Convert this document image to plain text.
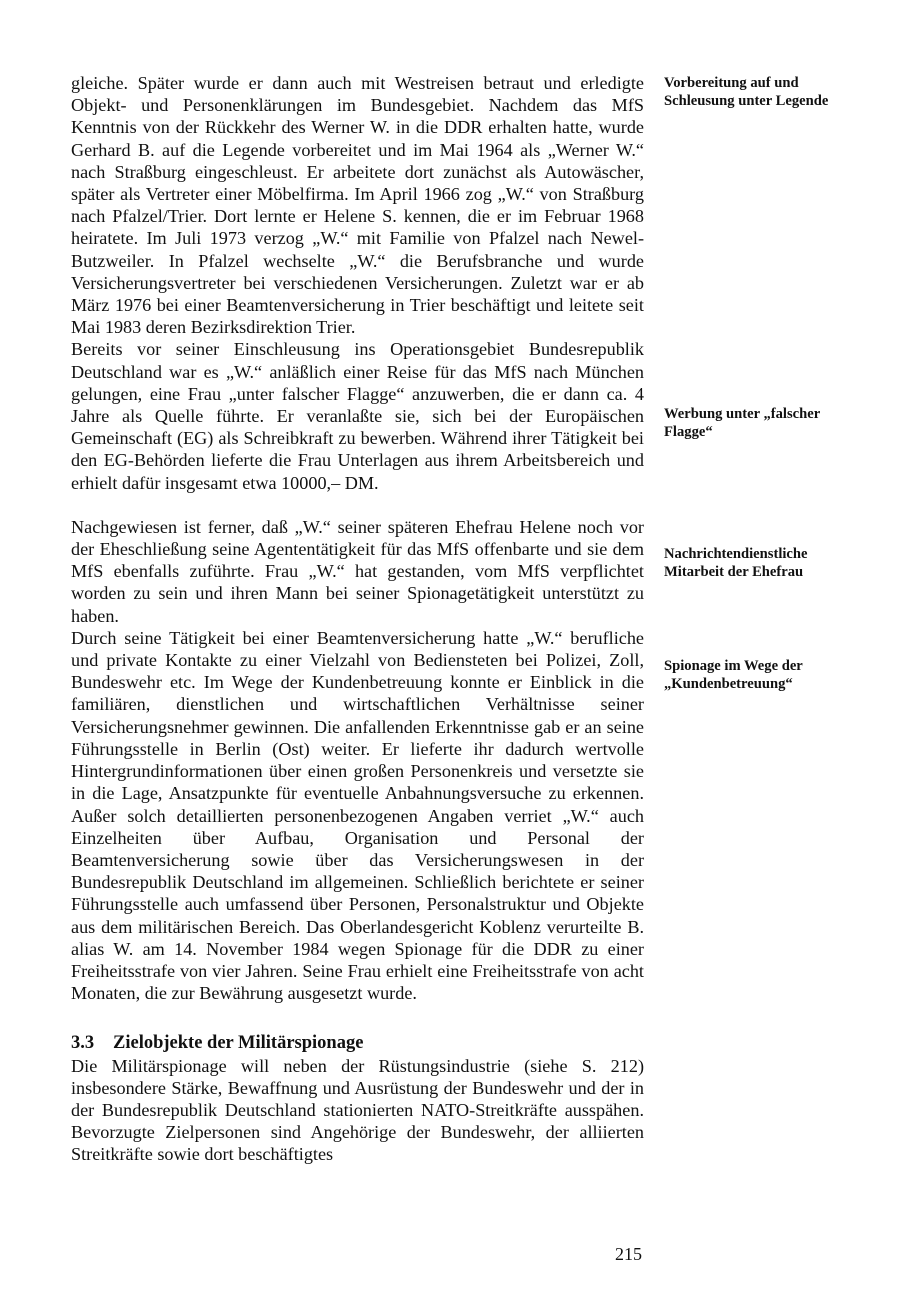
gleiche. Später wurde er dann auch mit Westreisen betraut und erledigte Objekt- und Personenklärungen im Bundesgebiet. Nachdem das MfS Kenntnis von der Rückkehr des Werner W. in die DDR erhalten hatte, wurde Gerhard B. auf die Legende vorbereitet und im Mai 1964 als „Werner W.“ nach Straßburg eingeschleust. Er arbeitete dort zunächst als Autowäscher, später als Vertreter einer Möbelfirma. Im April 1966 zog „W.“ von Straßburg nach Pfalzel/Trier. Dort lernte er Helene S. kennen, die er im Februar 1968 heiratete. Im Juli 1973 verzog „W.“ mit Familie von Pfalzel nach Newel-Butzweiler. In Pfalzel wechselte „W.“ die Berufsbranche und wurde Versicherungsvertreter bei verschiedenen Versicherungen. Zuletzt war er ab März 1976 bei einer Beamtenversicherung in Trier beschäftigt und leitete seit Mai 1983 deren Bezirksdirektion Trier.

Bereits vor seiner Einschleusung ins Operationsgebiet Bundesrepublik Deutschland war es „W.“ anläßlich einer Reise für das MfS nach München gelungen, eine Frau „unter falscher Flagge“ anzuwerben, die er dann ca. 4 Jahre als Quelle führte. Er veranlaßte sie, sich bei der Europäischen Gemeinschaft (EG) als Schreibkraft zu bewerben. Während ihrer Tätigkeit bei den EG-Behörden lieferte die Frau Unterlagen aus ihrem Arbeitsbereich und erhielt dafür insgesamt etwa 10000,– DM.

Nachgewiesen ist ferner, daß „W.“ seiner späteren Ehefrau Helene noch vor der Eheschließung seine Agententätigkeit für das MfS offenbarte und sie dem MfS ebenfalls zuführte. Frau „W.“ hat gestanden, vom MfS verpflichtet worden zu sein und ihren Mann bei seiner Spionagetätigkeit unterstützt zu haben.

Durch seine Tätigkeit bei einer Beamtenversicherung hatte „W.“ berufliche und private Kontakte zu einer Vielzahl von Bediensteten bei Polizei, Zoll, Bundeswehr etc. Im Wege der Kundenbetreuung konnte er Einblick in die familiären, dienstlichen und wirtschaftlichen Verhältnisse seiner Versicherungsnehmer gewinnen. Die anfallenden Erkenntnisse gab er an seine Führungsstelle in Berlin (Ost) weiter. Er lieferte ihr dadurch wertvolle Hintergrundinformationen über einen großen Personenkreis und versetzte sie in die Lage, Ansatzpunkte für eventuelle Anbahnungsversuche zu erkennen. Außer solch detaillierten personenbezogenen Angaben verriet „W.“ auch Einzelheiten über Aufbau, Organisation und Personal der Beamtenversicherung sowie über das Versicherungswesen in der Bundesrepublik Deutschland im allgemeinen. Schließlich berichtete er seiner Führungsstelle auch umfassend über Personen, Personalstruktur und Objekte aus dem militärischen Bereich. Das Oberlandesgericht Koblenz verurteilte B. alias W. am 14. November 1984 wegen Spionage für die DDR zu einer Freiheitsstrafe von vier Jahren. Seine Frau erhielt eine Freiheitsstrafe von acht Monaten, die zur Bewährung ausgesetzt wurde.

3.3 Zielobjekte der Militärspionage

Die Militärspionage will neben der Rüstungsindustrie (siehe S. 212) insbesondere Stärke, Bewaffnung und Ausrüstung der Bundeswehr und der in der Bundesrepublik Deutschland stationierten NATO-Streitkräfte ausspähen. Bevorzugte Zielpersonen sind Angehörige der Bundeswehr, der alliierten Streitkräfte sowie dort beschäftigtes

Vorbereitung auf und Schleusung unter Legende
Werbung unter „falscher Flagge“
Nachrichtendienstliche Mitarbeit der Ehefrau
Spionage im Wege der „Kundenbetreuung“
215
